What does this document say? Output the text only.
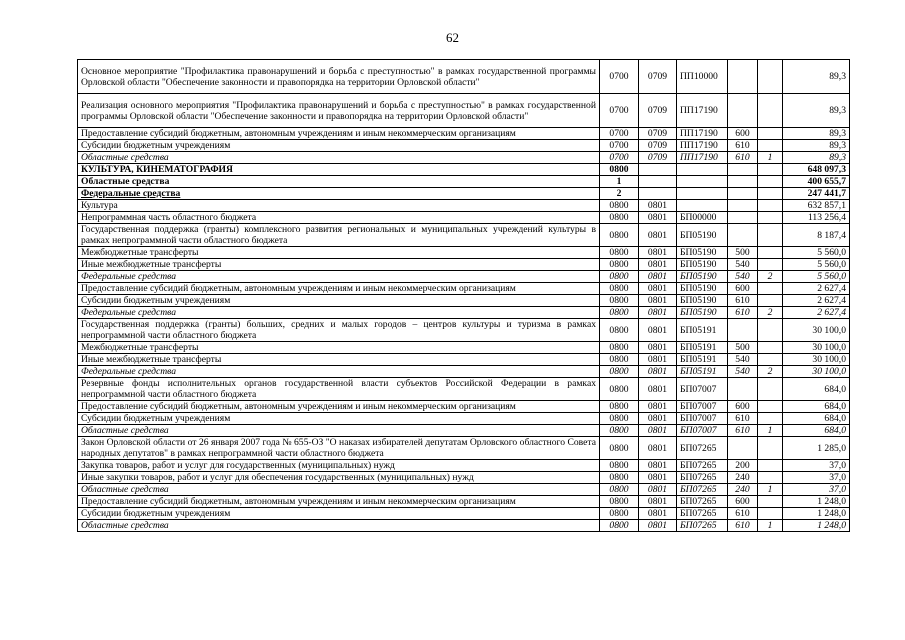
62
Основное мероприятие "Профилактика правонарушений и борьба с преступностью" в рамках государственной программы Орловской области "Обеспечение законности и правопорядка на территории Орловской области"	0700	0709	ПП10000			89,3
Реализация основного мероприятия "Профилактика правонарушений и борьба с преступностью" в рамках государственной программы Орловской области "Обеспечение законности и правопорядка на территории Орловской области"	0700	0709	ПП17190			89,3
Предоставление субсидий бюджетным, автономным учреждениям и иным некоммерческим организациям	0700	0709	ПП17190	600		89,3
Субсидии бюджетным учреждениям	0700	0709	ПП17190	610		89,3
Областные средства	0700	0709	ПП17190	610	1	89,3
КУЛЬТУРА, КИНЕМАТОГРАФИЯ	0800					648 097,3
Областные средства	1					400 655,7
Федеральные средства	2					247 441,7
Культура	0800	0801				632 857,1
Непрограммная часть областного бюджета	0800	0801	БП00000			113 256,4
Государственная поддержка (гранты) комплексного развития региональных и муниципальных учреждений культуры в рамках непрограммной части областного бюджета	0800	0801	БП05190			8 187,4
Межбюджетные трансферты	0800	0801	БП05190	500		5 560,0
Иные межбюджетные трансферты	0800	0801	БП05190	540		5 560,0
Федеральные средства	0800	0801	БП05190	540	2	5 560,0
Предоставление субсидий бюджетным, автономным учреждениям и иным некоммерческим организациям	0800	0801	БП05190	600		2 627,4
Субсидии бюджетным учреждениям	0800	0801	БП05190	610		2 627,4
Федеральные средства	0800	0801	БП05190	610	2	2 627,4
Государственная поддержка (гранты) больших, средних и малых городов – центров культуры и туризма в рамках непрограммной части областного бюджета	0800	0801	БП05191			30 100,0
Межбюджетные трансферты	0800	0801	БП05191	500		30 100,0
Иные межбюджетные трансферты	0800	0801	БП05191	540		30 100,0
Федеральные средства	0800	0801	БП05191	540	2	30 100,0
Резервные фонды исполнительных органов государственной власти субъектов Российской Федерации в рамках непрограммной части областного бюджета	0800	0801	БП07007			684,0
Предоставление субсидий бюджетным, автономным учреждениям и иным некоммерческим организациям	0800	0801	БП07007	600		684,0
Субсидии бюджетным учреждениям	0800	0801	БП07007	610		684,0
Областные средства	0800	0801	БП07007	610	1	684,0
Закон Орловской области от 26 января 2007 года № 655-ОЗ "О наказах избирателей депутатам Орловского областного Совета народных депутатов" в рамках непрограммной части областного бюджета	0800	0801	БП07265			1 285,0
Закупка товаров, работ и услуг для государственных (муниципальных) нужд	0800	0801	БП07265	200		37,0
Иные закупки товаров, работ и услуг для обеспечения государственных (муниципальных) нужд	0800	0801	БП07265	240		37,0
Областные средства	0800	0801	БП07265	240	1	37,0
Предоставление субсидий бюджетным, автономным учреждениям и иным некоммерческим организациям	0800	0801	БП07265	600		1 248,0
Субсидии бюджетным учреждениям	0800	0801	БП07265	610		1 248,0
Областные средства	0800	0801	БП07265	610	1	1 248,0
